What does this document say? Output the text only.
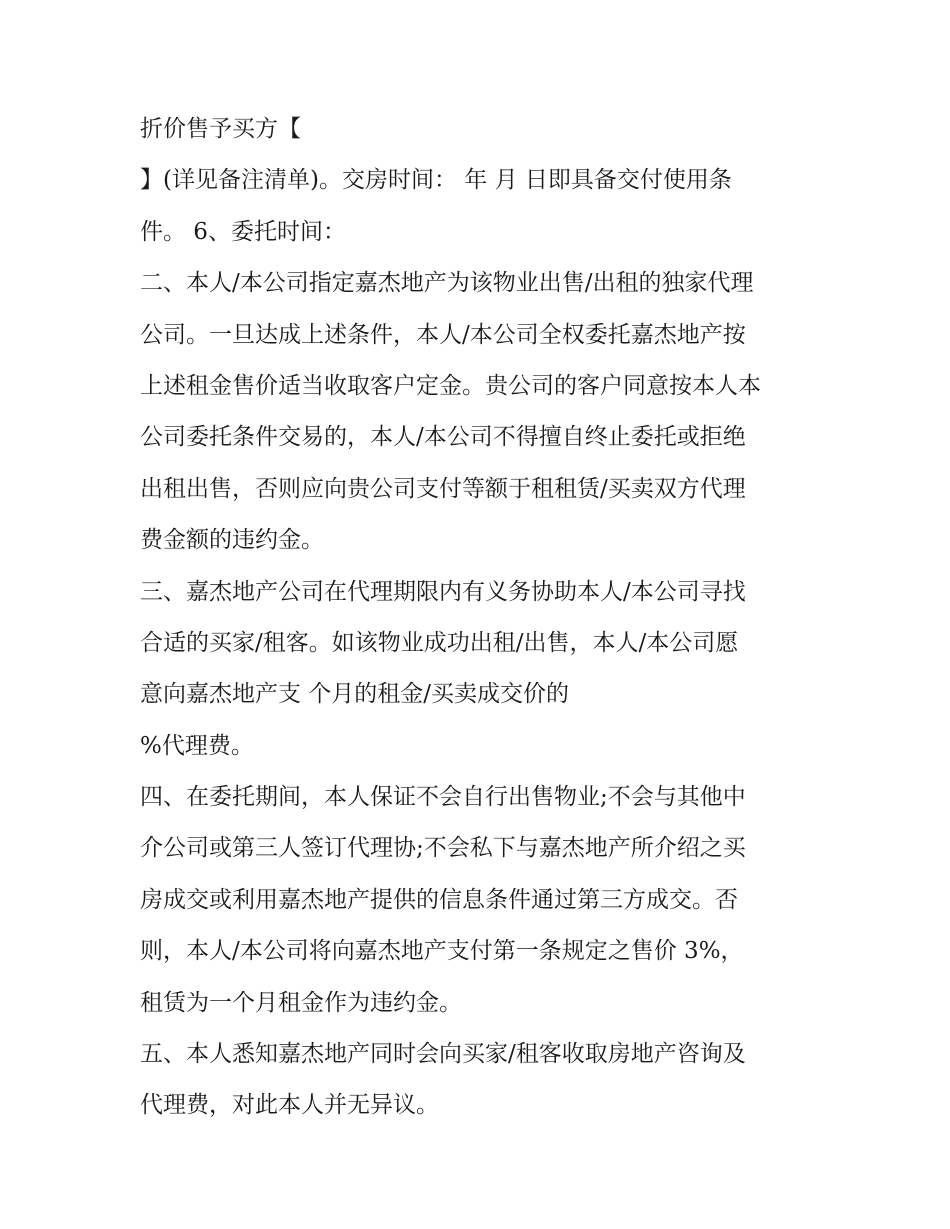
折价售予买方【
】(详见备注清单)。交房时间： 年 月 日即具备交付使用条
件。 6、委托时间：
二、本人/本公司指定嘉杰地产为该物业出售/出租的独家代理
公司。一旦达成上述条件，本人/本公司全权委托嘉杰地产按
上述租金售价适当收取客户定金。贵公司的客户同意按本人本
公司委托条件交易的，本人/本公司不得擅自终止委托或拒绝
出租出售，否则应向贵公司支付等额于租租赁/买卖双方代理
费金额的违约金。
三、嘉杰地产公司在代理期限内有义务协助本人/本公司寻找
合适的买家/租客。如该物业成功出租/出售，本人/本公司愿
意向嘉杰地产支 个月的租金/买卖成交价的
%代理费。
四、在委托期间，本人保证不会自行出售物业;不会与其他中
介公司或第三人签订代理协;不会私下与嘉杰地产所介绍之买
房成交或利用嘉杰地产提供的信息条件通过第三方成交。否
则，本人/本公司将向嘉杰地产支付第一条规定之售价 3%，
租赁为一个月租金作为违约金。
五、本人悉知嘉杰地产同时会向买家/租客收取房地产咨询及
代理费，对此本人并无异议。
